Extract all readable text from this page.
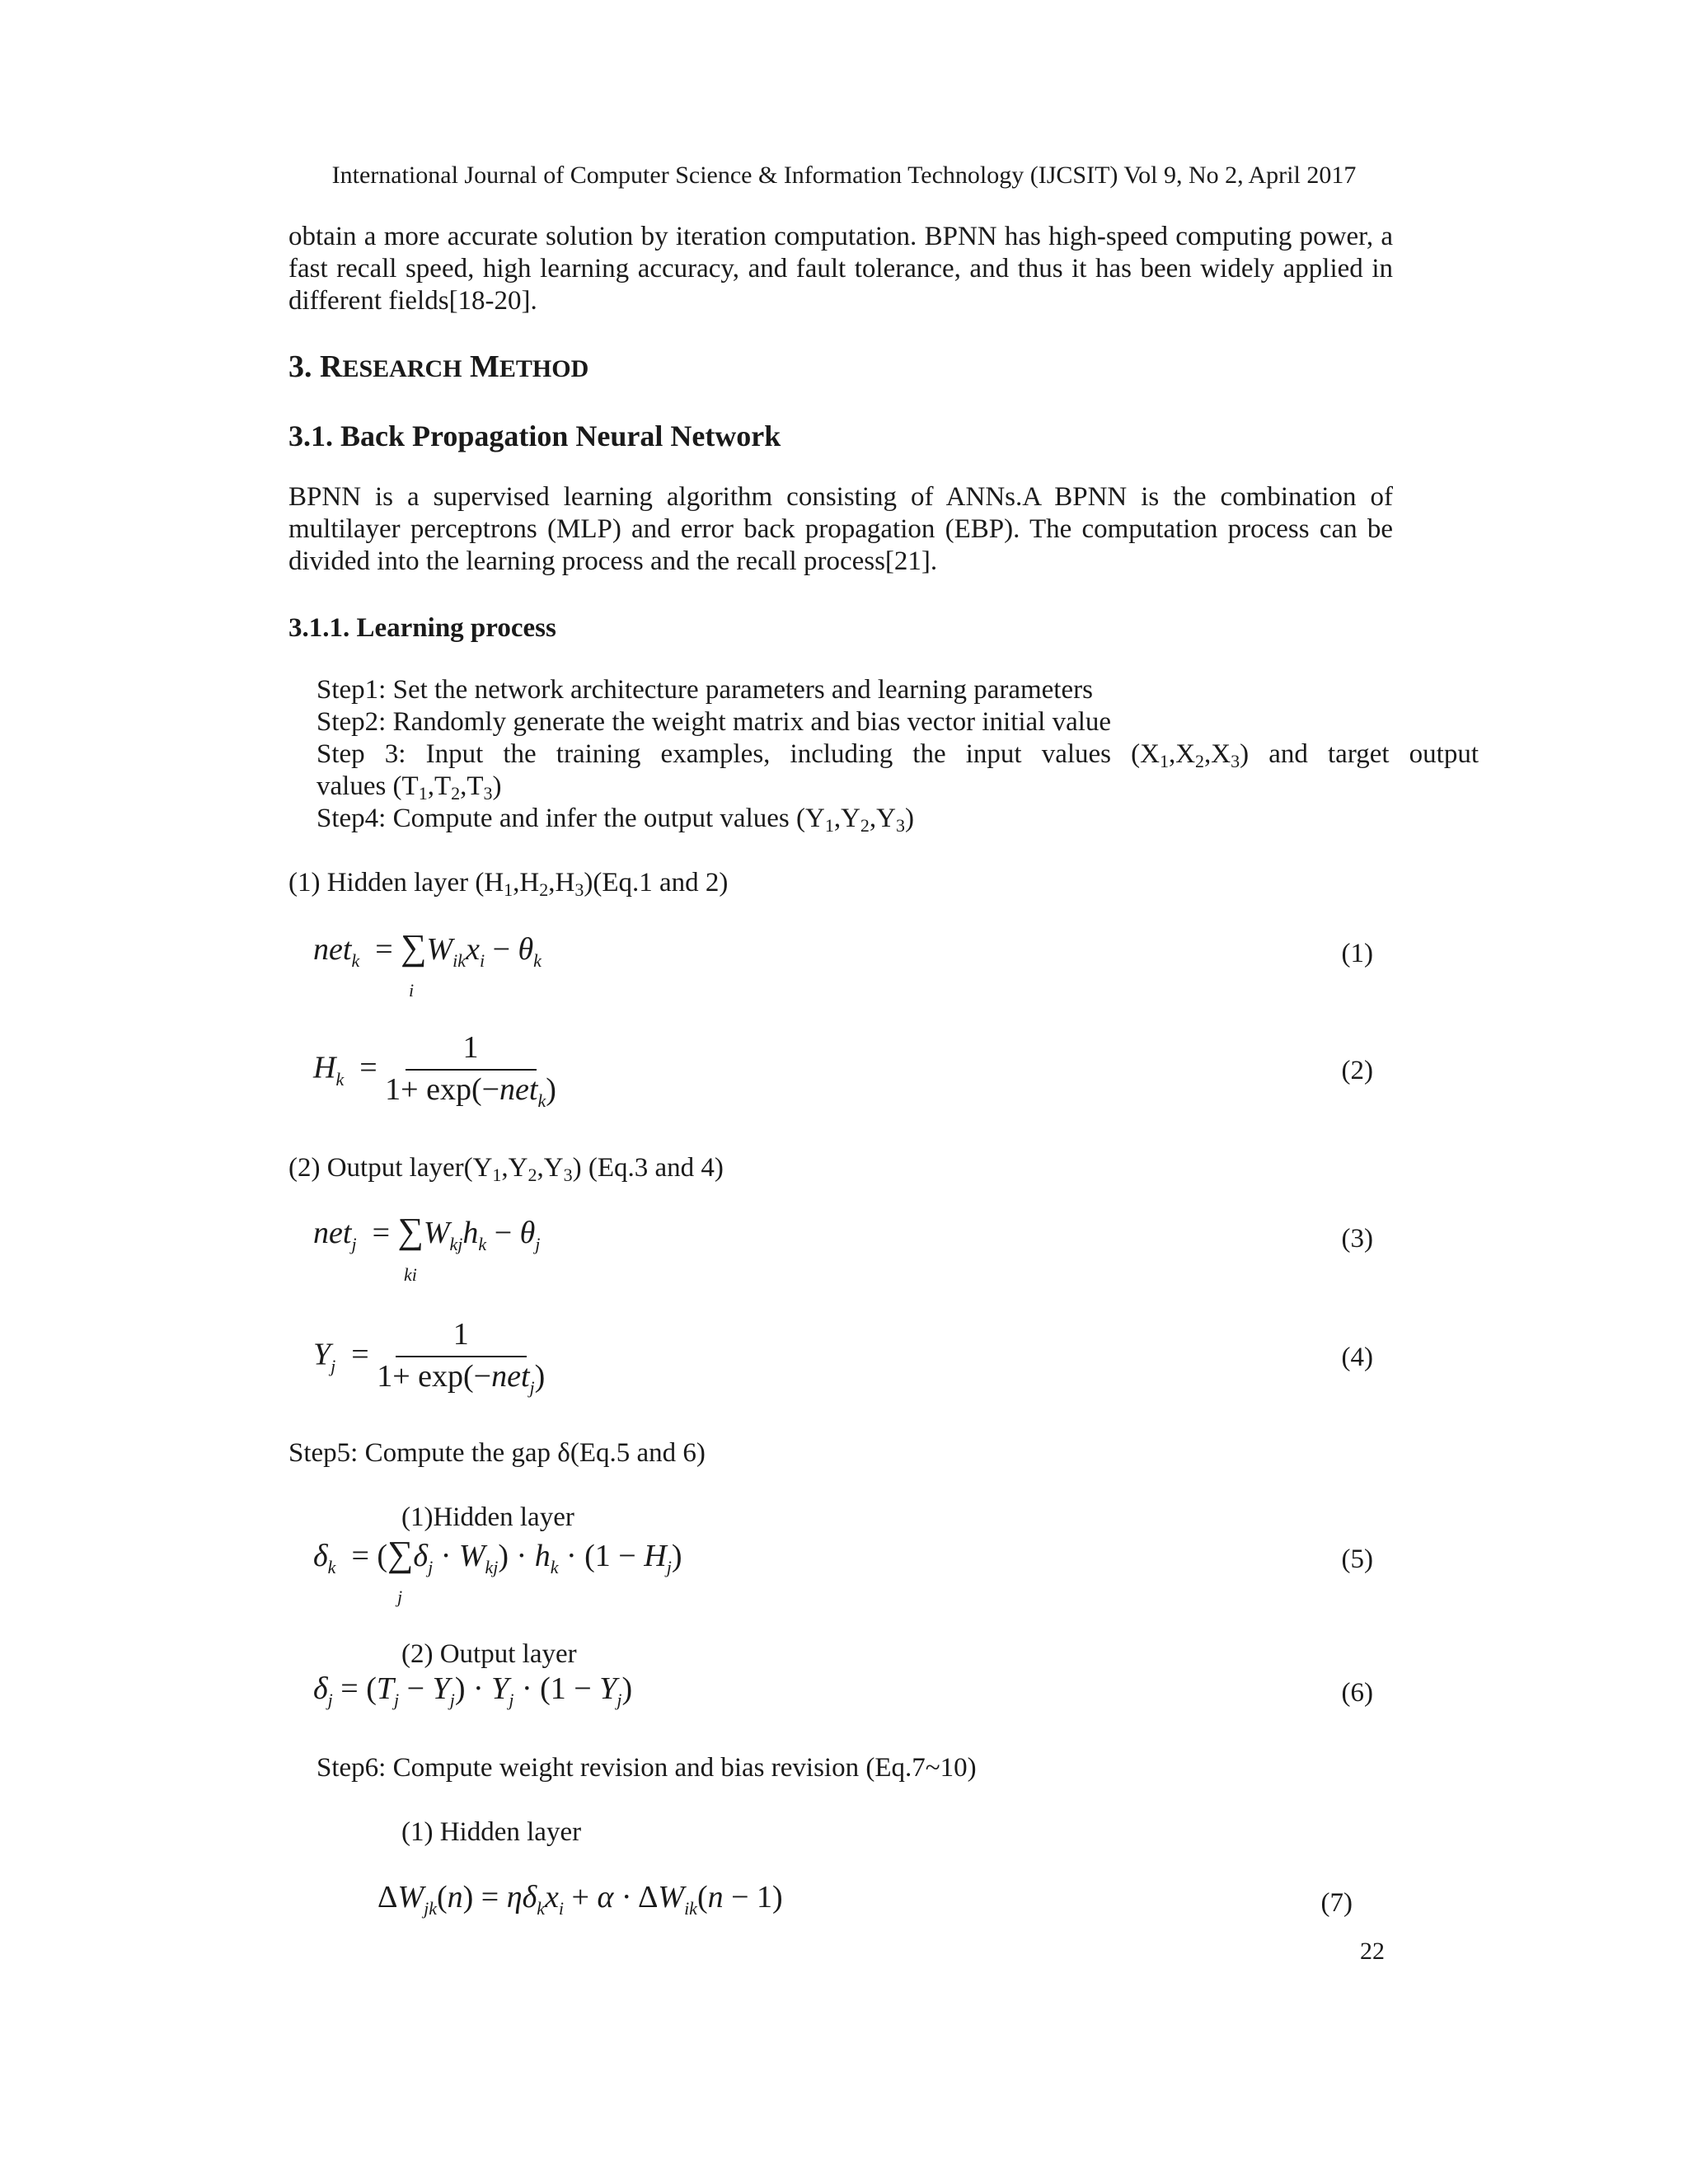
International Journal of Computer Science & Information Technology (IJCSIT) Vol 9, No 2, April 2017
obtain a more accurate solution by iteration computation. BPNN has high-speed computing power, a fast recall speed, high learning accuracy, and fault tolerance, and thus it has been widely applied in different fields[18-20].
3. RESEARCH METHOD
3.1. Back Propagation Neural Network
BPNN is a supervised learning algorithm consisting of ANNs.A BPNN is the combination of multilayer perceptrons (MLP) and error back propagation (EBP). The computation process can be divided into the learning process and the recall process[21].
3.1.1. Learning process
Step1: Set the network architecture parameters and learning parameters
Step2: Randomly generate the weight matrix and bias vector initial value
Step 3: Input the training examples, including the input values $(X_1,X_2,X_3)$ and target output
values $(T_1,T_2,T_3)$
Step4: Compute and infer the output values $(Y_1,Y_2,Y_3)$
(1) Hidden layer $(H_1,H_2,H_3)(Eq.1$ and 2)
$net_k = \sum W_{ik}x_i - \theta_k$
i
(1)
$H_k = \frac{1}{1+ \exp(-net_k)}$	(2)
(2) Output $layer(Y_1,Y_2,Y_3)$ (Eq.3 and 4)
$net_j = \sum W_{kj}h_k - \theta_j$
ki
(3)
$Y_j = \frac{1}{1+ \exp(-net_j)}$	(4)
Step5: Compute the gap δ(Eq.5 and 6)
(1)Hidden layer
$\delta_k = (\sum\delta_j \cdot W_{kj}) \cdot h_k \cdot (1 - H_j)$
j
(5)
(2) Output layer
$\delta_j = (T_j - Y_j) \cdot Y_j \cdot (1 - Y_j)$	(6)
Step6: Compute weight revision and bias revision (Eq.7~10)
(1) Hidden layer
$\Delta W_{jk}(n) = \eta\delta_kx_i + \alpha \cdot \Delta W_{ik}(n - 1)$	(7)
22
